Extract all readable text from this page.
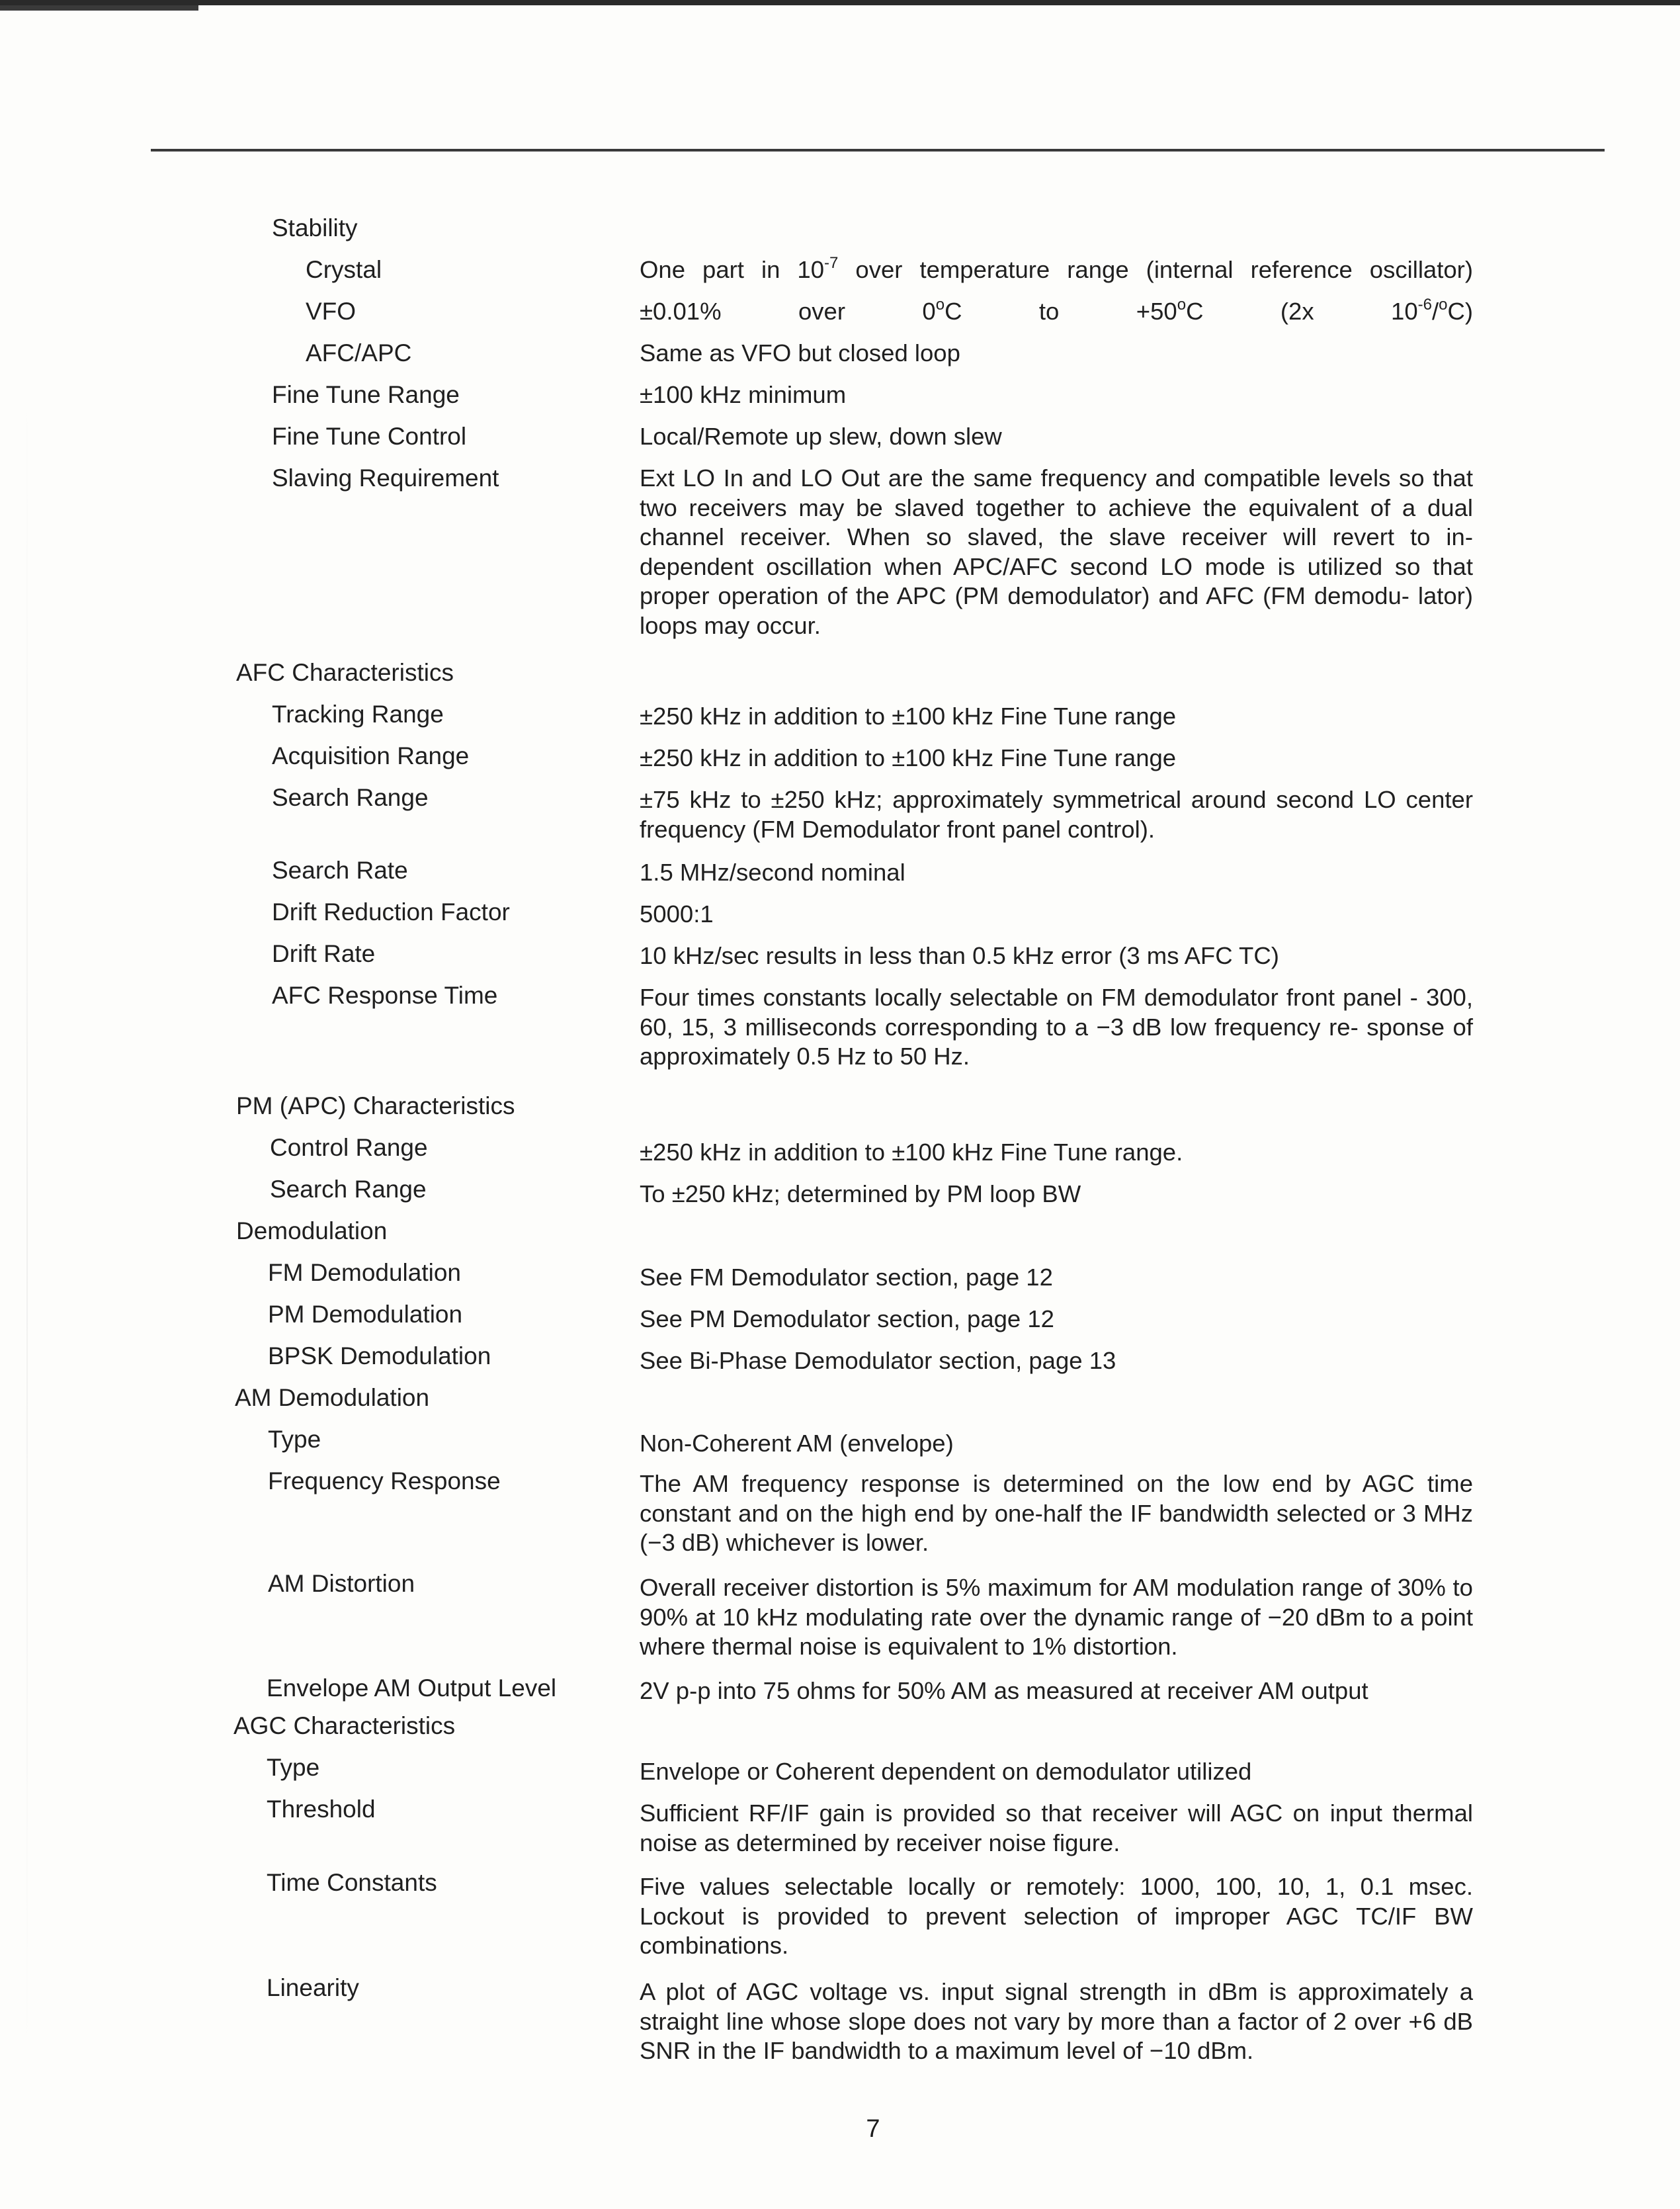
Stability
Crystal	One part in $10^{-7}$ over temperature range (internal reference oscillator)

VFO	±0.01% over 0$^o$C to $+50^oC$ (2x $10^{-6}/^oC$)

AFC/APC	Same as VFO but closed loop

Fine Tune Range	±100 kHz minimum

Fine Tune Control	Local/Remote up slew, down slew

Slaving Requirement	Ext LO In and LO Out are the same frequency and compatible levels so that two receivers may be slaved together to achieve the equivalent of a dual channel receiver. When so slaved, the slave receiver will revert to in- dependent oscillation when APC/AFC second LO mode is utilized so that proper operation of the APC (PM demodulator) and AFC (FM demodu- lator) loops may occur.

AFC Characteristics
Tracking Range	±250 kHz in addition to ±100 kHz Fine Tune range

Acquisition Range	±250 kHz in addition to ±100 kHz Fine Tune range

Search Range	±75 kHz to ±250 kHz; approximately symmetrical around second LO center frequency (FM Demodulator front panel control).

Search Rate	1.5 MHz/second nominal

Drift Reduction Factor	5000:1

Drift Rate	10 kHz/sec results in less than 0.5 kHz error (3 ms AFC TC)

AFC Response Time	Four times constants locally selectable on FM demodulator front panel - 300, 60, 15, 3 milliseconds corresponding to a −3 dB low frequency re- sponse of approximately 0.5 Hz to 50 Hz.

PM (APC) Characteristics
Control Range	±250 kHz in addition to ±100 kHz Fine Tune range.

Search Range	To ±250 kHz; determined by PM loop BW

Demodulation
FM Demodulation	See FM Demodulator section, page 12

PM Demodulation	See PM Demodulator section, page 12

BPSK Demodulation	See Bi-Phase Demodulator section, page 13

AM Demodulation
Type	Non-Coherent AM (envelope)

Frequency Response	The AM frequency response is determined on the low end by AGC time constant and on the high end by one-half the IF bandwidth selected or 3 MHz (−3 dB) whichever is lower.

AM Distortion	Overall receiver distortion is 5% maximum for AM modulation range of 30% to 90% at 10 kHz modulating rate over the dynamic range of −20 dBm to a point where thermal noise is equivalent to 1% distortion.

Envelope AM Output Level	2V p-p into 75 ohms for 50% AM as measured at receiver AM output

AGC Characteristics
Type	Envelope or Coherent dependent on demodulator utilized

Threshold	Sufficient RF/IF gain is provided so that receiver will AGC on input thermal noise as determined by receiver noise figure.

Time Constants	Five values selectable locally or remotely: 1000, 100, 10, 1, 0.1 msec. Lockout is provided to prevent selection of improper AGC TC/IF BW combinations.

Linearity	A plot of AGC voltage vs. input signal strength in dBm is approximately a straight line whose slope does not vary by more than a factor of 2 over +6 dB SNR in the IF bandwidth to a maximum level of −10 dBm.

7
